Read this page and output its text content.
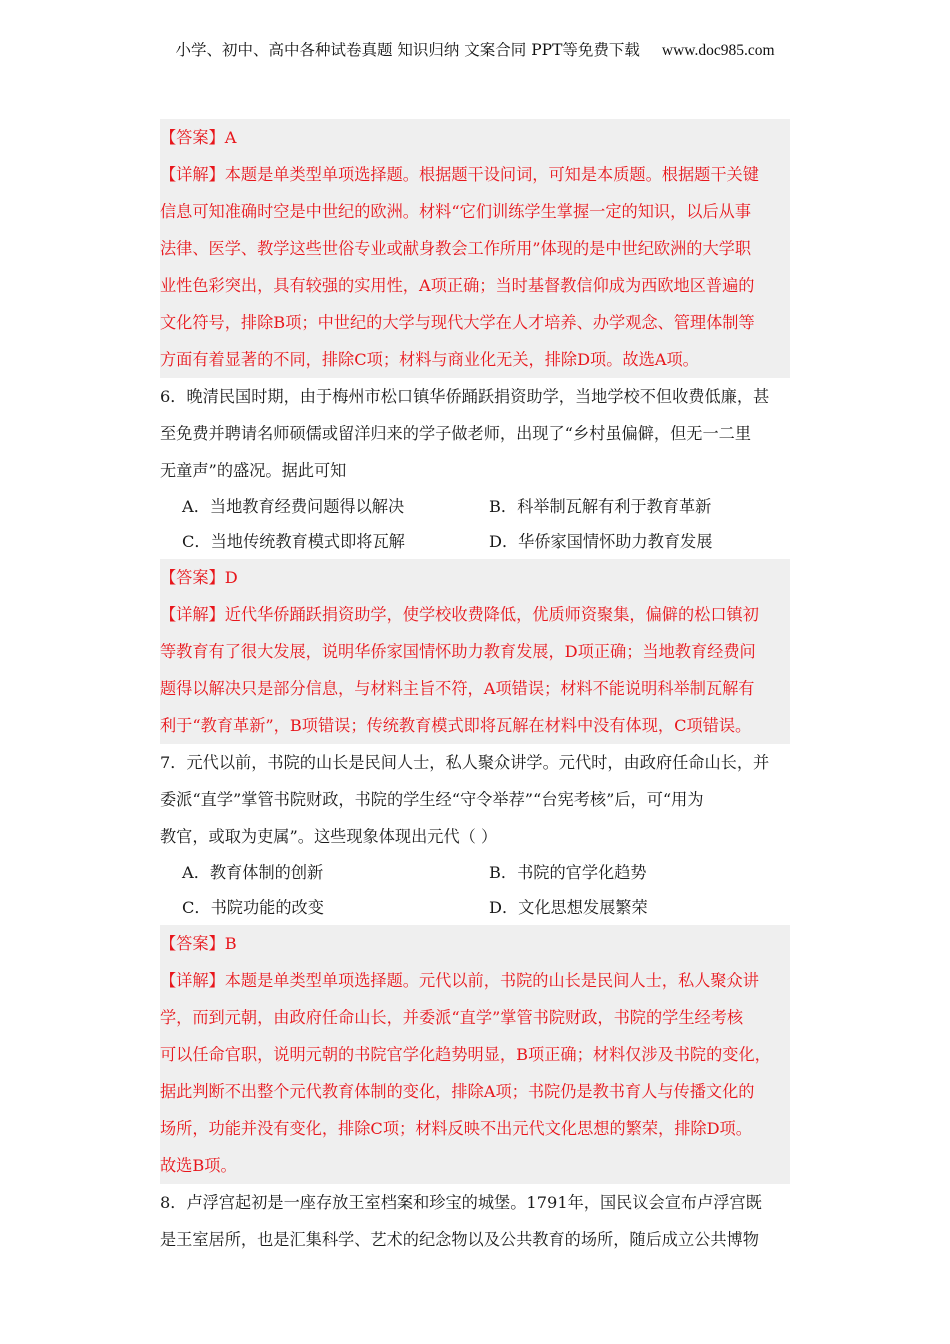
小学、初中、高中各种试卷真题 知识归纳 文案合同 PPT等免费下载 www.doc985.com
【答案】A
【详解】本题是单类型单项选择题。根据题干设问词，可知是本质题。根据题干关键
信息可知准确时空是中世纪的欧洲。材料“它们训练学生掌握一定的知识，以后从事
法律、医学、教学这些世俗专业或献身教会工作所用”体现的是中世纪欧洲的大学职
业性色彩突出，具有较强的实用性，A项正确；当时基督教信仰成为西欧地区普遍的
文化符号，排除B项；中世纪的大学与现代大学在人才培养、办学观念、管理体制等
方面有着显著的不同，排除C项；材料与商业化无关，排除D项。故选A项。
6．晚清民国时期，由于梅州市松口镇华侨踊跃捐资助学，当地学校不但收费低廉，甚
至免费并聘请名师硕儒或留洋归来的学子做老师，出现了“乡村虽偏僻，但无一二里
无童声”的盛况。据此可知
A．当地教育经费问题得以解决	B．科举制瓦解有利于教育革新
C．当地传统教育模式即将瓦解	D．华侨家国情怀助力教育发展
【答案】D
【详解】近代华侨踊跃捐资助学，使学校收费降低，优质师资聚集，偏僻的松口镇初
等教育有了很大发展，说明华侨家国情怀助力教育发展，D项正确；当地教育经费问
题得以解决只是部分信息，与材料主旨不符，A项错误；材料不能说明科举制瓦解有
利于“教育革新”，B项错误；传统教育模式即将瓦解在材料中没有体现，C项错误。
7．元代以前，书院的山长是民间人士，私人聚众讲学。元代时，由政府任命山长，并
委派“直学”掌管书院财政，书院的学生经“守令举荐”“台宪考核”后，可“用为
教官，或取为吏属”。这些现象体现出元代（ ）
A．教育体制的创新	B．书院的官学化趋势
C．书院功能的改变	D．文化思想发展繁荣
【答案】B
【详解】本题是单类型单项选择题。元代以前，书院的山长是民间人士，私人聚众讲
学，而到元朝，由政府任命山长，并委派“直学”掌管书院财政，书院的学生经考核
可以任命官职，说明元朝的书院官学化趋势明显，B项正确；材料仅涉及书院的变化，
据此判断不出整个元代教育体制的变化，排除A项；书院仍是教书育人与传播文化的
场所，功能并没有变化，排除C项；材料反映不出元代文化思想的繁荣，排除D项。
故选B项。
8．卢浮宫起初是一座存放王室档案和珍宝的城堡。1791年，国民议会宣布卢浮宫既
是王室居所，也是汇集科学、艺术的纪念物以及公共教育的场所，随后成立公共博物
